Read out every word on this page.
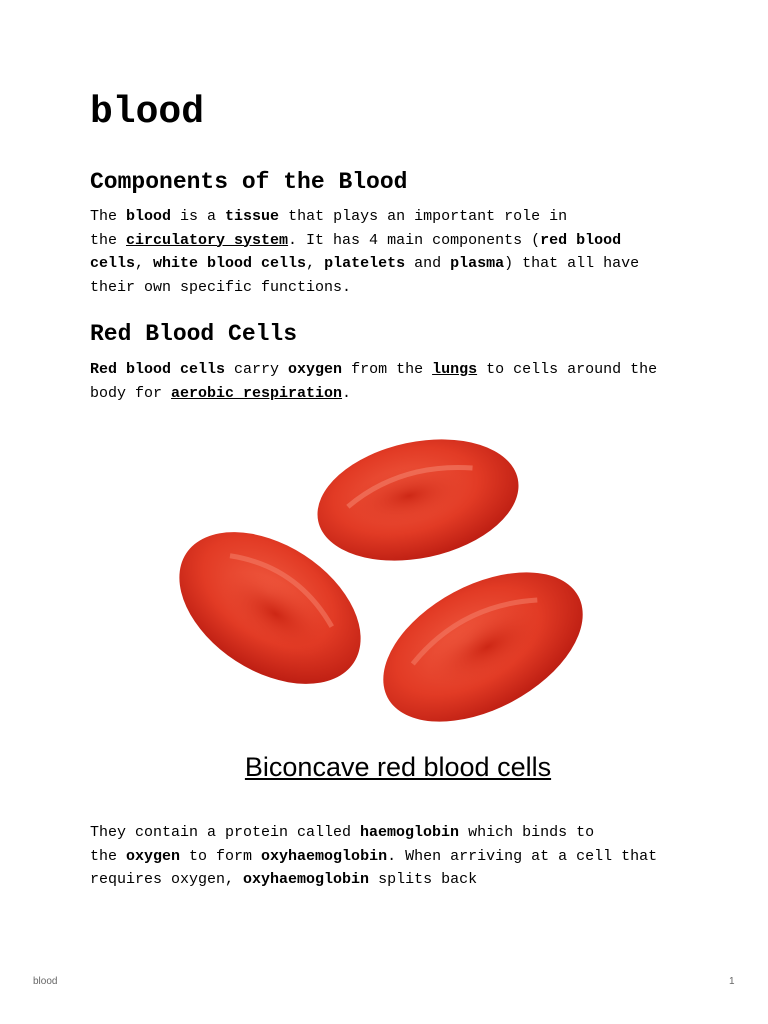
blood
Components of the Blood

The blood is a tissue that plays an important role in
the circulatory system. It has 4 main components (red blood
cells, white blood cells, platelets and plasma) that all have
their own specific functions.

Red Blood Cells

Red blood cells carry oxygen from the lungs to cells around the
body for aerobic respiration.

Biconcave red blood cells

They contain a protein called haemoglobin which binds to
the oxygen to form oxyhaemoglobin. When arriving at a cell that
requires oxygen, oxyhaemoglobin splits back

blood	1
